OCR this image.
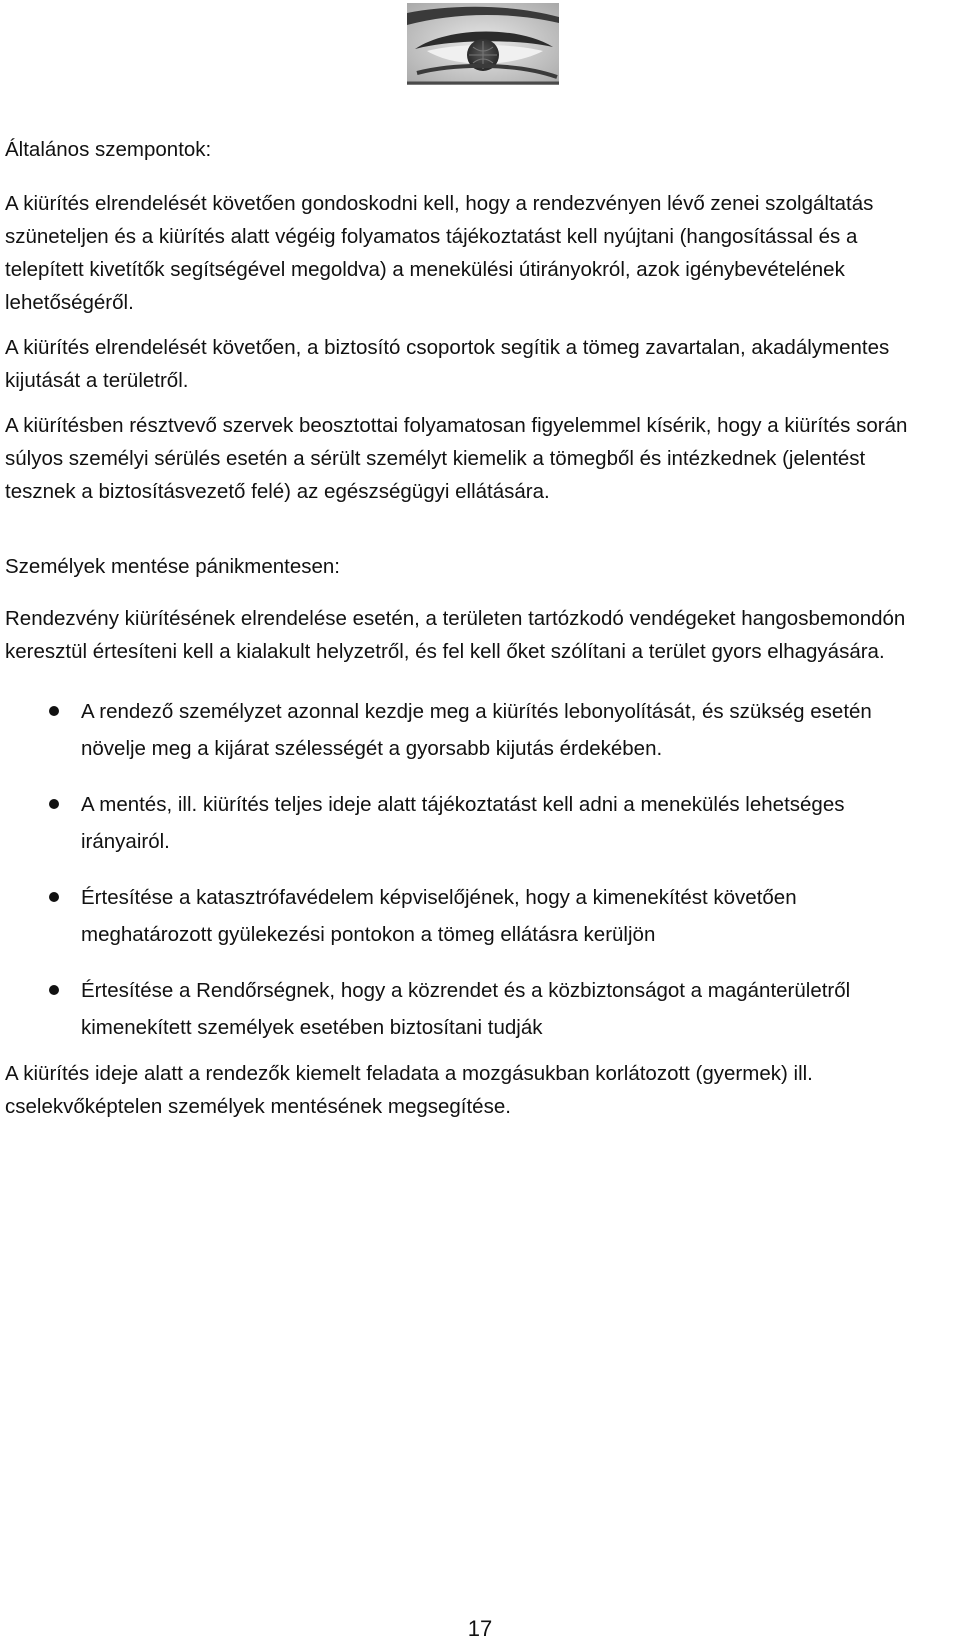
Általános szempontok:

A kiürítés elrendelését követően gondoskodni kell, hogy a rendezvényen lévő zenei szolgáltatás szüneteljen és a kiürítés alatt végéig folyamatos tájékoztatást kell nyújtani (hangosítással és a telepített kivetítők segítségével megoldva) a menekülési útirányokról, azok igénybevételének lehetőségéről.

A kiürítés elrendelését követően, a biztosító csoportok segítik a tömeg zavartalan, akadálymentes kijutását a területről.

A kiürítésben résztvevő szervek beosztottai folyamatosan figyelemmel kísérik, hogy a kiürítés során súlyos személyi sérülés esetén a sérült személyt kiemelik a tömegből és intézkednek (jelentést tesznek a biztosításvezető felé) az egészségügyi ellátására.

Személyek mentése pánikmentesen:

Rendezvény kiürítésének elrendelése esetén, a területen tartózkodó vendégeket hangosbemondón keresztül értesíteni kell a kialakult helyzetről, és fel kell őket szólítani a terület gyors elhagyására.

A rendező személyzet azonnal kezdje meg a kiürítés lebonyolítását, és szükség esetén növelje meg a kijárat szélességét a gyorsabb kijutás érdekében.
A mentés, ill. kiürítés teljes ideje alatt tájékoztatást kell adni a menekülés lehetséges irányairól.
Értesítése a katasztrófavédelem képviselőjének, hogy a kimenekítést követően meghatározott gyülekezési pontokon a tömeg ellátásra kerüljön
Értesítése a Rendőrségnek, hogy a közrendet és a közbiztonságot a magánterületről kimenekített személyek esetében biztosítani tudják

A kiürítés ideje alatt a rendezők kiemelt feladata a mozgásukban korlátozott (gyermek) ill. cselekvőképtelen személyek mentésének megsegítése.

17
